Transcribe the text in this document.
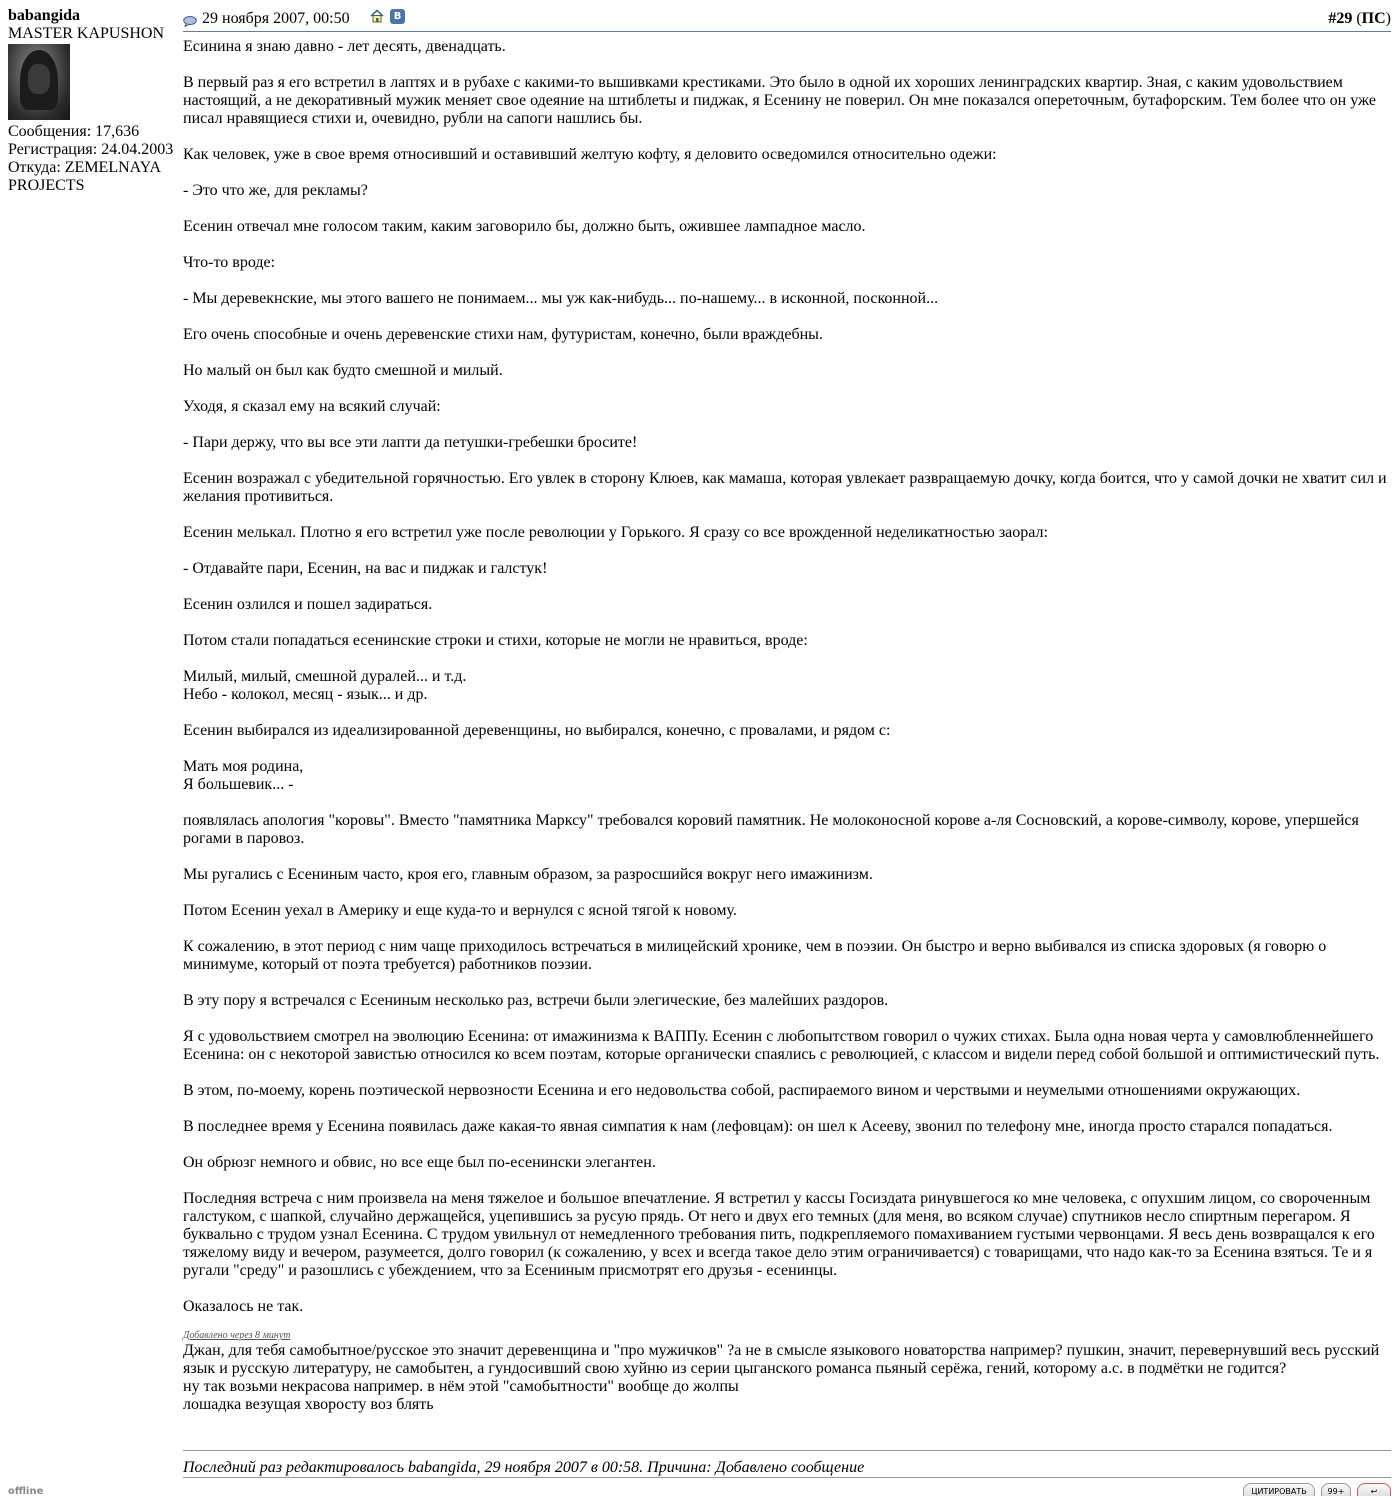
babangida
MASTER KAPUSHON
Сообщения: 17,636
Регистрация: 24.04.2003
Откуда: ZEMELNAYA PROJECTS
offline
29 ноября 2007, 00:50	В	#29 (ПС)
Есинина я знаю давно - лет десять, двенадцать.

В первый раз я его встретил в лаптях и в рубахе с какими-то вышивками крестиками. Это было в одной их хороших ленинградских квартир. Зная, с каким удовольствием настоящий, а не декоративный мужик меняет свое одеяние на штиблеты и пиджак, я Есенину не поверил. Он мне показался опереточным, бутафорским. Тем более что он уже писал нравящиеся стихи и, очевидно, рубли на сапоги нашлись бы.

Как человек, уже в свое время относивший и оставивший желтую кофту, я деловито осведомился относительно одежи:

- Это что же, для рекламы?

Есенин отвечал мне голосом таким, каким заговорило бы, должно быть, ожившее лампадное масло.

Что-то вроде:

- Мы деревекнские, мы этого вашего не понимаем... мы уж как-нибудь... по-нашему... в исконной, посконной...

Его очень способные и очень деревенские стихи нам, футуристам, конечно, были враждебны.

Но малый он был как будто смешной и милый.

Уходя, я сказал ему на всякий случай:

- Пари держу, что вы все эти лапти да петушки-гребешки бросите!

Есенин возражал с убедительной горячностью. Его увлек в сторону Клюев, как мамаша, которая увлекает развращаемую дочку, когда боится, что у самой дочки не хватит сил и желания противиться.

Есенин мелькал. Плотно я его встретил уже после революции у Горького. Я сразу со все врожденной неделикатностью заорал:

- Отдавайте пари, Есенин, на вас и пиджак и галстук!

Есенин озлился и пошел задираться.

Потом стали попадаться есенинские строки и стихи, которые не могли не нравиться, вроде:

Милый, милый, смешной дуралей... и т.д.
Небо - колокол, месяц - язык... и др.

Есенин выбирался из идеализированной деревенщины, но выбирался, конечно, с провалами, и рядом с:

Мать моя родина,
Я большевик... -

появлялась апология "коровы". Вместо "памятника Марксу" требовался коровий памятник. Не молоконосной корове а-ля Сосновский, а корове-символу, корове, упершейся рогами в паровоз.

Мы ругались с Есениным часто, кроя его, главным образом, за разросшийся вокруг него имажинизм.

Потом Есенин уехал в Америку и еще куда-то и вернулся с ясной тягой к новому.

К сожалению, в этот период с ним чаще приходилось встречаться в милицейский хронике, чем в поэзии. Он быстро и верно выбивался из списка здоровых (я говорю о минимуме, который от поэта требуется) работников поэзии.

В эту пору я встречался с Есениным несколько раз, встречи были элегические, без малейших раздоров.

Я с удовольствием смотрел на эволюцию Есенина: от имажинизма к ВАППу. Есенин с любопытством говорил о чужих стихах. Была одна новая черта у самовлюбленнейшего Есенина: он с некоторой завистью относился ко всем поэтам, которые органически спаялись с революцией, с классом и видели перед собой большой и оптимистический путь.

В этом, по-моему, корень поэтической нервозности Есенина и его недовольства собой, распираемого вином и черствыми и неумелыми отношениями окружающих.

В последнее время у Есенина появилась даже какая-то явная симпатия к нам (лефовцам): он шел к Асееву, звонил по телефону мне, иногда просто старался попадаться.

Он обрюзг немного и обвис, но все еще был по-есенински элегантен.

Последняя встреча с ним произвела на меня тяжелое и большое впечатление. Я встретил у кассы Госиздата ринувшегося ко мне человека, с опухшим лицом, со свороченным галстуком, с шапкой, случайно держащейся, уцепившись за русую прядь. От него и двух его темных (для меня, во всяком случае) спутников несло спиртным перегаром. Я буквально с трудом узнал Есенина. С трудом увильнул от немедленного требования пить, подкрепляемого помахиванием густыми червонцами. Я весь день возвращался к его тяжелому виду и вечером, разумеется, долго говорил (к сожалению, у всех и всегда такое дело этим ограничивается) с товарищами, что надо как-то за Есенина взяться. Те и я ругали "среду" и разошлись с убеждением, что за Есениным присмотрят его друзья - есенинцы.

Оказалось не так.
Добавлено через 8 минут
Джан, для тебя самобытное/русское это значит деревенщина и "про мужичков" ?а не в смысле языкового новаторства например? пушкин, значит, перевернувший весь русский язык и русскую литературу, не самобытен, а гундосивший свою хуйню из серии цыганского романса пьяный серёжа, гений, которому а.с. в подмётки не годится?
ну так возьми некрасова например. в нём этой "самобытности" вообще до жолпы
лошадка везущая хворосту воз блять
Последний раз редактировалось babangida, 29 ноября 2007 в 00:58. Причина: Добавлено сообщение
ЦИТИРОВАТЬ	99+	↩
